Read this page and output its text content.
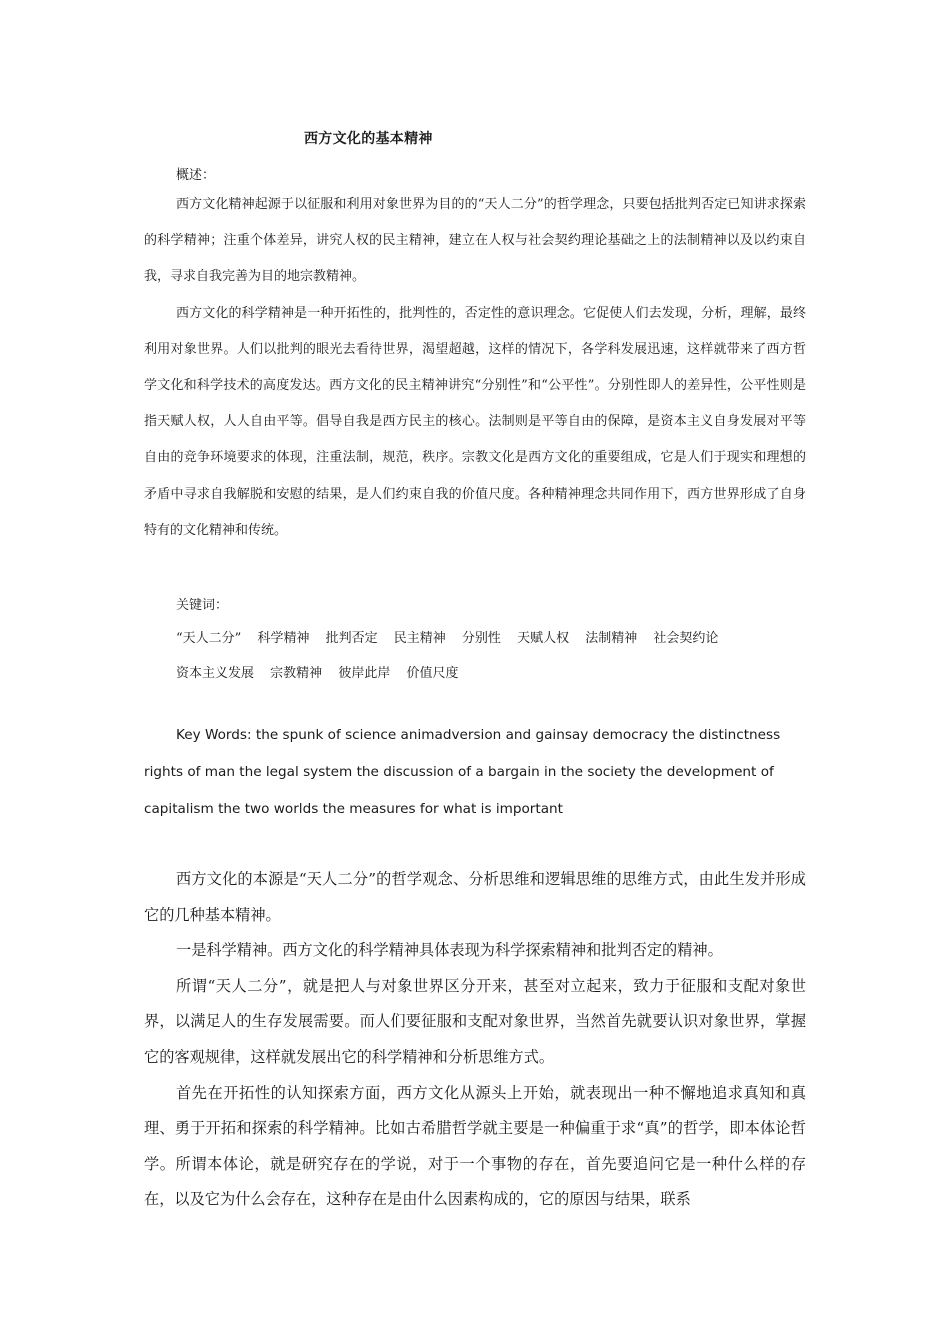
西方文化的基本精神
概述：

西方文化精神起源于以征服和利用对象世界为目的的“天人二分”的哲学理念，只要包括批判否定已知讲求探索的科学精神；注重个体差异，讲究人权的民主精神，建立在人权与社会契约理论基础之上的法制精神以及以约束自我，寻求自我完善为目的地宗教精神。

西方文化的科学精神是一种开拓性的，批判性的，否定性的意识理念。它促使人们去发现，分析，理解，最终利用对象世界。人们以批判的眼光去看待世界，渴望超越，这样的情况下，各学科发展迅速，这样就带来了西方哲学文化和科学技术的高度发达。西方文化的民主精神讲究“分别性”和“公平性”。分别性即人的差异性，公平性则是指天赋人权，人人自由平等。倡导自我是西方民主的核心。法制则是平等自由的保障，是资本主义自身发展对平等自由的竞争环境要求的体现，注重法制，规范，秩序。宗教文化是西方文化的重要组成，它是人们于现实和理想的矛盾中寻求自我解脱和安慰的结果，是人们约束自我的价值尺度。各种精神理念共同作用下，西方世界形成了自身特有的文化精神和传统。

关键词：
“天人二分” 科学精神 批判否定 民主精神 分别性 天赋人权 法制精神 社会契约论
资本主义发展 宗教精神 彼岸此岸 价值尺度

Key Words: the spunk of science animadversion and gainsay democracy the distinctness rights of man the legal system the discussion of a bargain in the society the development of capitalism the two worlds the measures for what is important

西方文化的本源是“天人二分”的哲学观念、分析思维和逻辑思维的思维方式，由此生发并形成它的几种基本精神。

一是科学精神。西方文化的科学精神具体表现为科学探索精神和批判否定的精神。

所谓“天人二分”，就是把人与对象世界区分开来，甚至对立起来，致力于征服和支配对象世界，以满足人的生存发展需要。而人们要征服和支配对象世界，当然首先就要认识对象世界，掌握它的客观规律，这样就发展出它的科学精神和分析思维方式。

首先在开拓性的认知探索方面，西方文化从源头上开始，就表现出一种不懈地追求真知和真理、勇于开拓和探索的科学精神。比如古希腊哲学就主要是一种偏重于求“真”的哲学，即本体论哲学。所谓本体论，就是研究存在的学说，对于一个事物的存在，首先要追问它是一种什么样的存在，以及它为什么会存在，这种存在是由什么因素构成的，它的原因与结果，联系
